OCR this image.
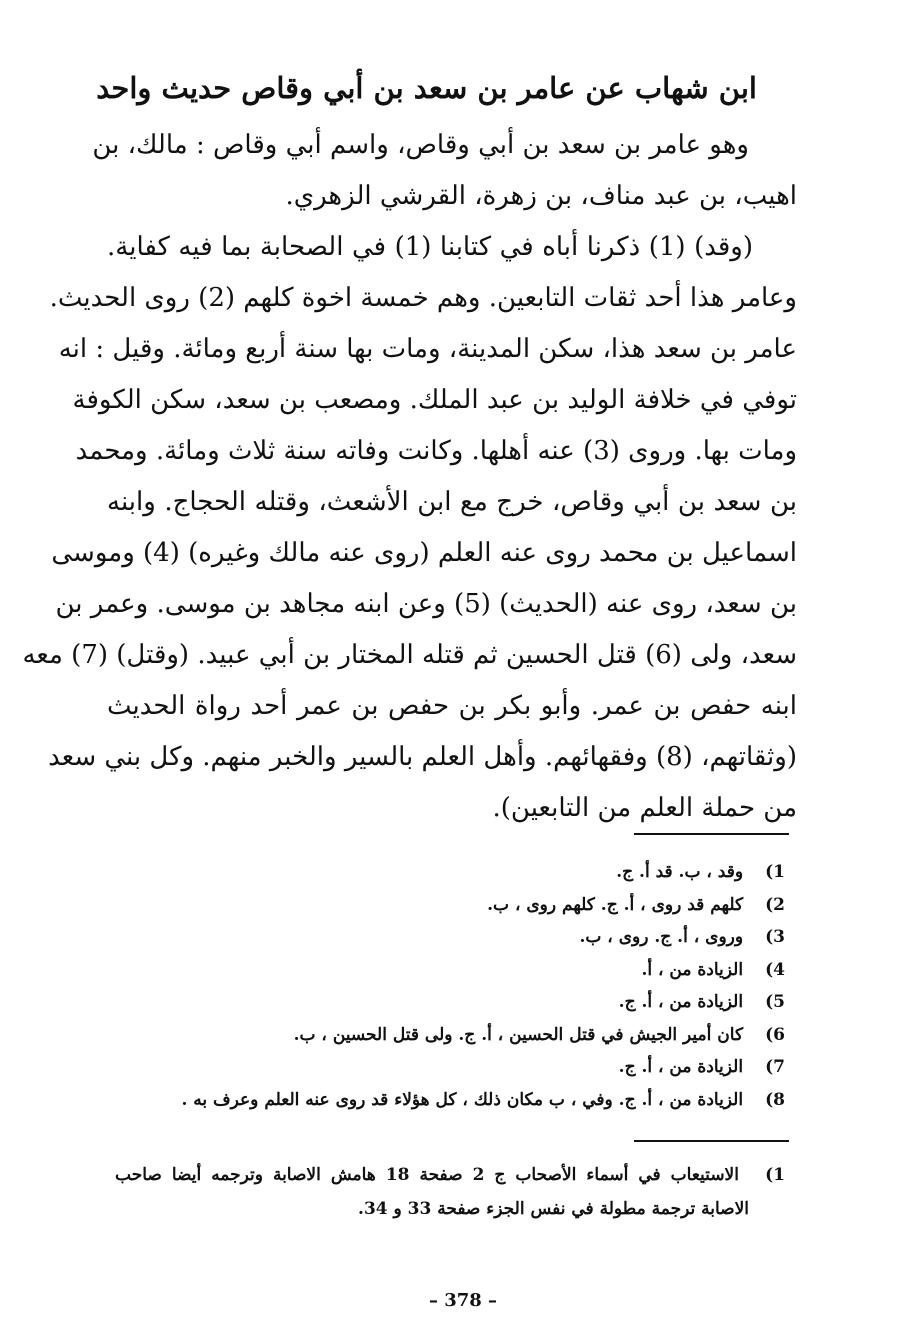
ابن شهاب عن عامر بن سعد بن أبي وقاص حديث واحد
وهو عامر بن سعد بن أبي وقاص، واسم أبي وقاص : مالك، بن
اهيب، بن عبد مناف، بن زهرة، القرشي الزهري.
(وقد) (1) ذكرنا أباه في كتابنا (1) في الصحابة بما فيه كفاية.
وعامر هذا أحد ثقات التابعين. وهم خمسة اخوة كلهم (2) روى الحديث.
عامر بن سعد هذا، سكن المدينة، ومات بها سنة أربع ومائة. وقيل : انه
توفي في خلافة الوليد بن عبد الملك. ومصعب بن سعد، سكن الكوفة
ومات بها. وروى (3) عنه أهلها. وكانت وفاته سنة ثلاث ومائة. ومحمد
بن سعد بن أبي وقاص، خرج مع ابن الأشعث، وقتله الحجاج. وابنه
اسماعيل بن محمد روى عنه العلم (روى عنه مالك وغيره) (4) وموسى
بن سعد، روى عنه (الحديث) (5) وعن ابنه مجاهد بن موسى. وعمر بن
سعد، ولى (6) قتل الحسين ثم قتله المختار بن أبي عبيد. (وقتل) (7) معه
ابنه حفص بن عمر. وأبو بكر بن حفص بن عمر أحد رواة الحديث
(وثقاتهم، (8) وفقهائهم. وأهل العلم بالسير والخبر منهم. وكل بني سعد
من حملة العلم من التابعين).
1) وقد ، ب. قد أ. ج.
2) كلهم قد روى ، أ. ج. كلهم روى ، ب.
3) وروى ، أ. ج. روى ، ب.
4) الزيادة من ، أ.
5) الزيادة من ، أ. ج.
6) كان أمير الجيش في قتل الحسين ، أ. ج. ولى قتل الحسين ، ب.
7) الزيادة من ، أ. ج.
8) الزيادة من ، أ. ج. وفي ، ب مكان ذلك ، كل هؤلاء قد روى عنه العلم وعرف به .
1) الاستيعاب في أسماء الأصحاب ج 2 صفحة 18 هامش الاصابة وترجمه أيضا صاحب
الاصابة ترجمة مطولة في نفس الجزء صفحة 33 و 34.
– 378 –
